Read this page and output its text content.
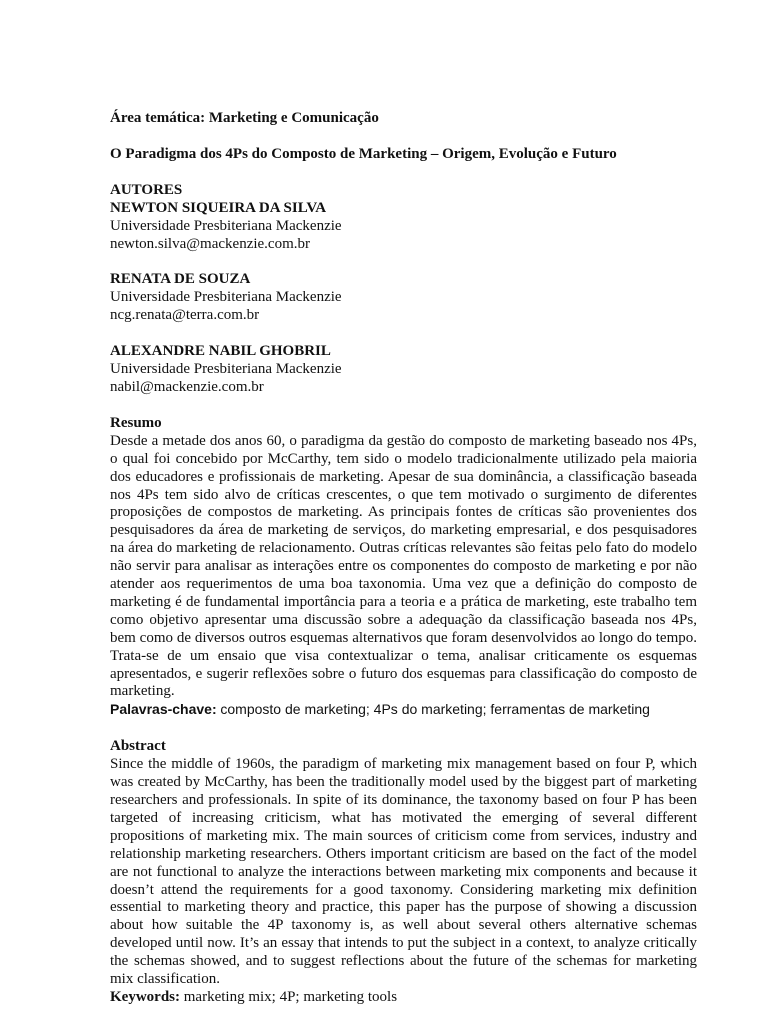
Área temática: Marketing e Comunicação
O Paradigma dos 4Ps do Composto de Marketing – Origem, Evolução e Futuro
AUTORES
NEWTON SIQUEIRA DA SILVA
Universidade Presbiteriana Mackenzie
newton.silva@mackenzie.com.br
RENATA DE SOUZA
Universidade Presbiteriana Mackenzie
ncg.renata@terra.com.br
ALEXANDRE NABIL GHOBRIL
Universidade Presbiteriana Mackenzie
nabil@mackenzie.com.br
Resumo
Desde a metade dos anos 60, o paradigma da gestão do composto de marketing baseado nos 4Ps, o qual foi concebido por McCarthy, tem sido o modelo tradicionalmente utilizado pela maioria dos educadores e profissionais de marketing. Apesar de sua dominância, a classificação baseada nos 4Ps tem sido alvo de críticas crescentes, o que tem motivado o surgimento de diferentes proposições de compostos de marketing. As principais fontes de críticas são provenientes dos pesquisadores da área de marketing de serviços, do marketing empresarial, e dos pesquisadores na área do marketing de relacionamento. Outras críticas relevantes são feitas pelo fato do modelo não servir para analisar as interações entre os componentes do composto de marketing e por não atender aos requerimentos de uma boa taxonomia. Uma vez que a definição do composto de marketing é de fundamental importância para a teoria e a prática de marketing, este trabalho tem como objetivo apresentar uma discussão sobre a adequação da classificação baseada nos 4Ps, bem como de diversos outros esquemas alternativos que foram desenvolvidos ao longo do tempo. Trata-se de um ensaio que visa contextualizar o tema, analisar criticamente os esquemas apresentados, e sugerir reflexões sobre o futuro dos esquemas para classificação do composto de marketing.
Palavras-chave: composto de marketing; 4Ps do marketing; ferramentas de marketing
Abstract
Since the middle of 1960s, the paradigm of marketing mix management based on four P, which was created by McCarthy, has been the traditionally model used by the biggest part of marketing researchers and professionals. In spite of its dominance, the taxonomy based on four P has been targeted of increasing criticism, what has motivated the emerging of several different propositions of marketing mix. The main sources of criticism come from services, industry and relationship marketing researchers. Others important criticism are based on the fact of the model are not functional to analyze the interactions between marketing mix components and because it doesn’t attend the requirements for a good taxonomy. Considering marketing mix definition essential to marketing theory and practice, this paper has the purpose of showing a discussion about how suitable the 4P taxonomy is, as well about several others alternative schemas developed until now. It’s an essay that intends to put the subject in a context, to analyze critically the schemas showed, and to suggest reflections about the future of the schemas for marketing mix classification.
Keywords: marketing mix; 4P; marketing tools
